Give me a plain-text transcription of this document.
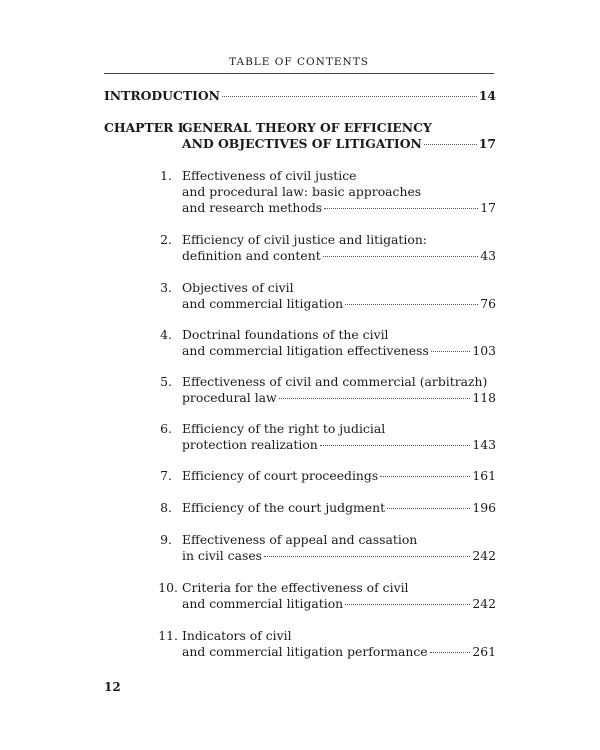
TABLE OF CONTENTS
INTRODUCTION	14
CHAPTER I.
GENERAL THEORY OF EFFICIENCY
AND OBJECTIVES OF LITIGATION	17
1. Effectiveness of civil justice
and procedural law: basic approaches
and research methods	17
2. Efficiency of civil justice and litigation:
definition and content	43
3. Objectives of civil
and commercial litigation	76
4. Doctrinal foundations of the civil
and commercial litigation effectiveness	103
5. Effectiveness of civil and commercial (arbitrazh)
procedural law	118
6. Efficiency of the right to judicial
protection realization	143
7. Efficiency of court proceedings	161
8. Efficiency of the court judgment	196
9. Effectiveness of appeal and cassation
in civil cases	242
10. Criteria for the effectiveness of civil
and commercial litigation	242
11. Indicators of civil
and commercial litigation performance	261
12
